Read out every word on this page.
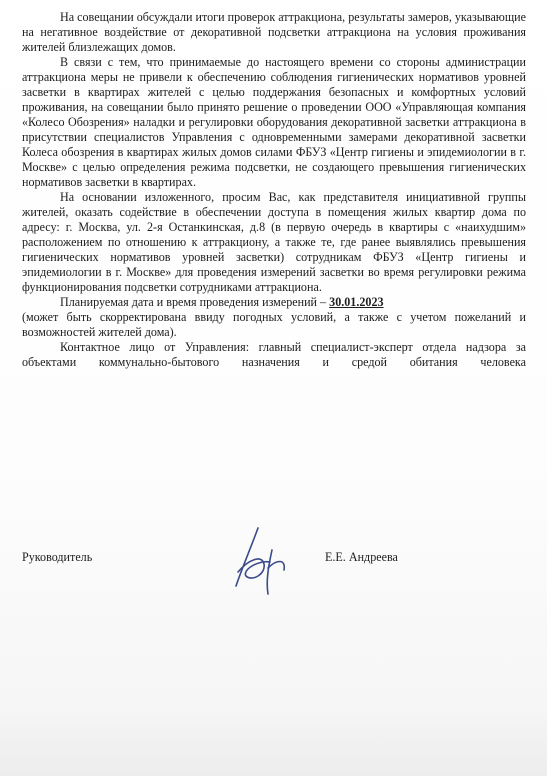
На совещании обсуждали итоги проверок аттракциона, результаты замеров, указывающие на негативное воздействие от декоративной подсветки аттракциона на условия проживания жителей близлежащих домов.

В связи с тем, что принимаемые до настоящего времени со стороны администрации аттракциона меры не привели к обеспечению соблюдения гигиенических нормативов уровней засветки в квартирах жителей с целью поддержания безопасных и комфортных условий проживания, на совещании было принято решение о проведении ООО «Управляющая компания «Колесо Обозрения» наладки и регулировки оборудования декоративной засветки аттракциона в присутствии специалистов Управления с одновременными замерами декоративной засветки Колеса обозрения в квартирах жилых домов силами ФБУЗ «Центр гигиены и эпидемиологии в г. Москве» с целью определения режима подсветки, не создающего превышения гигиенических нормативов засветки в квартирах.

На основании изложенного, просим Вас, как представителя инициативной группы жителей, оказать содействие в обеспечении доступа в помещения жилых квартир дома по адресу: г. Москва, ул. 2-я Останкинская, д.8 (в первую очередь в квартиры с «наихудшим» расположением по отношению к аттракциону, а также те, где ранее выявлялись превышения гигиенических нормативов уровней засветки) сотрудникам ФБУЗ «Центр гигиены и эпидемиологии в г. Москве» для проведения измерений засветки во время регулировки режима функционирования подсветки сотрудниками аттракциона.

Планируемая дата и время проведения измерений – 30.01.2023

(может быть скорректирована ввиду погодных условий, а также с учетом пожеланий и возможностей жителей дома).

Контактное лицо от Управления: главный специалист-эксперт отдела надзора за объектами коммунально-бытового назначения и средой обитания человека

Руководитель	Е.Е. Андреева
